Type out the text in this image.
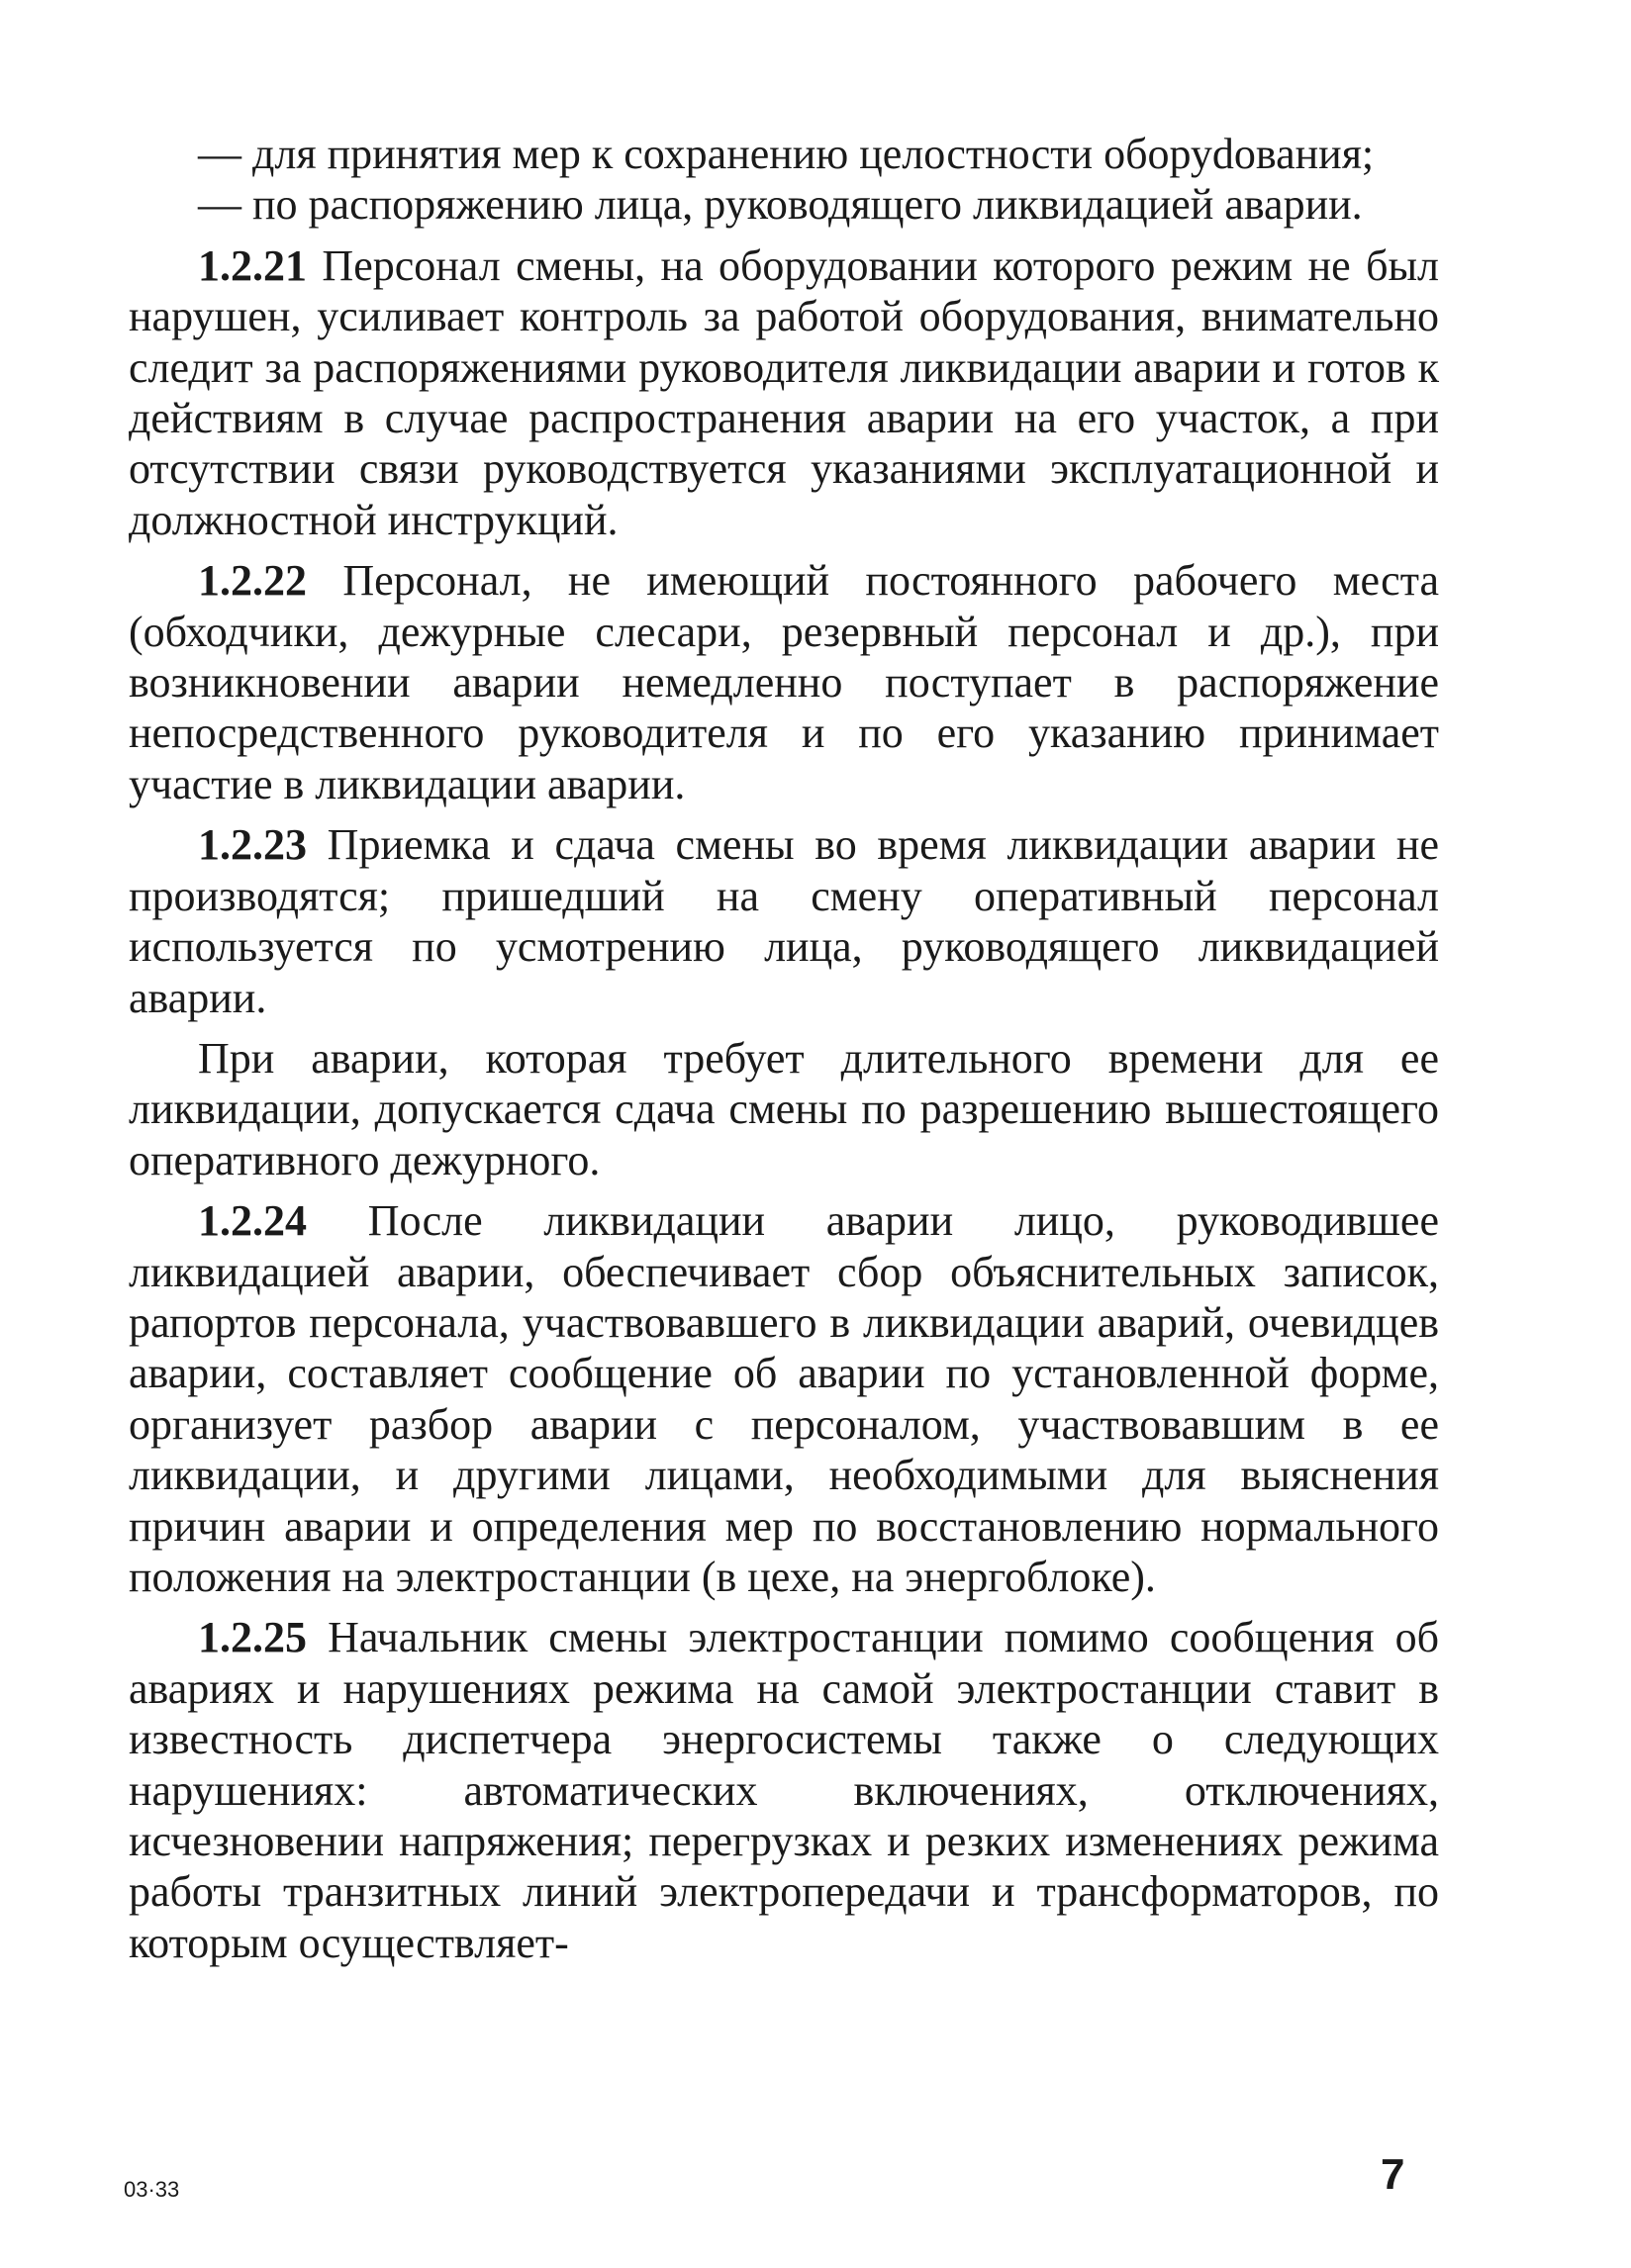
— для принятия мер к сохранению целостности оборуdования;

— по распоряжению лица, руководящего ликвидацией аварии.

1.2.21 Персонал смены, на оборудовании которого режим не был нарушен, усиливает контроль за работой оборудования, внимательно следит за распоряжениями руководителя ликвидации аварии и готов к действиям в случае распространения аварии на его участок, а при отсутствии связи руководствуется указаниями эксплуатационной и должностной инструкций.

1.2.22 Персонал, не имеющий постоянного рабочего места (обходчики, дежурные слесари, резервный персонал и др.), при возникновении аварии немедленно поступает в распоряжение непосредственного руководителя и по его указанию принимает участие в ликвидации аварии.

1.2.23 Приемка и сдача смены во время ликвидации аварии не производятся; пришедший на смену оперативный персонал используется по усмотрению лица, руководящего ликвидацией аварии.

При аварии, которая требует длительного времени для ее ликвидации, допускается сдача смены по разрешению вышестоящего оперативного дежурного.

1.2.24 После ликвидации аварии лицо, руководившее ликвидацией аварии, обеспечивает сбор объяснительных записок, рапортов персонала, участвовавшего в ликвидации аварий, очевидцев аварии, составляет сообщение об аварии по установленной форме, организует разбор аварии с персоналом, участвовавшим в ее ликвидации, и другими лицами, необходимыми для выяснения причин аварии и определения мер по восстановлению нормального положения на электростанции (в цехе, на энергоблоке).

1.2.25 Начальник смены электростанции помимо сообщения об авариях и нарушениях режима на самой электростанции ставит в известность диспетчера энергосистемы также о следующих нарушениях: автоматических включениях, отключениях, исчезновении напряжения; перегрузках и резких изменениях режима работы транзитных линий электропередачи и трансформаторов, по которым осуществляет-

03·33	7
